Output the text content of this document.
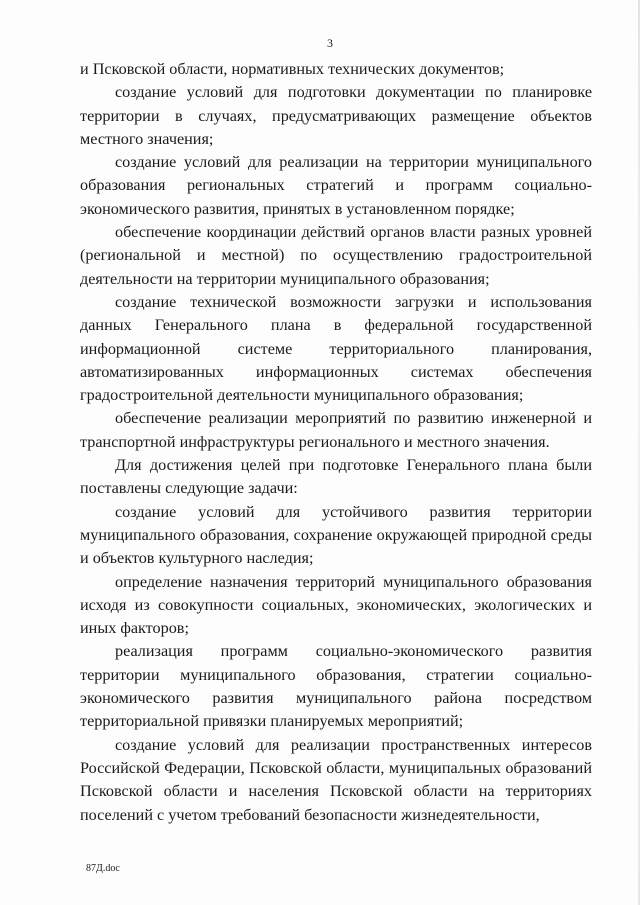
3

и Псковской области, нормативных технических документов;

создание условий для подготовки документации по планировке территории в случаях, предусматривающих размещение объектов местного значения;

создание условий для реализации на территории муниципального образования региональных стратегий и программ социально-экономического развития, принятых в установленном порядке;

обеспечение координации действий органов власти разных уровней (региональной и местной) по осуществлению градостроительной деятельности на территории муниципального образования;

создание технической возможности загрузки и использования данных Генерального плана в федеральной государственной информационной системе территориального планирования, автоматизированных информационных системах обеспечения градостроительной деятельности муниципального образования;

обеспечение реализации мероприятий по развитию инженерной и транспортной инфраструктуры регионального и местного значения.

Для достижения целей при подготовке Генерального плана были поставлены следующие задачи:

создание условий для устойчивого развития территории муниципального образования, сохранение окружающей природной среды и объектов культурного наследия;

определение назначения территорий муниципального образования исходя из совокупности социальных, экономических, экологических и иных факторов;

реализация программ социально-экономического развития территории муниципального образования, стратегии социально-экономического развития муниципального района посредством территориальной привязки планируемых мероприятий;

создание условий для реализации пространственных интересов Российской Федерации, Псковской области, муниципальных образований Псковской области и населения Псковской области на территориях поселений с учетом требований безопасности жизнедеятельности,

87Д.doc
